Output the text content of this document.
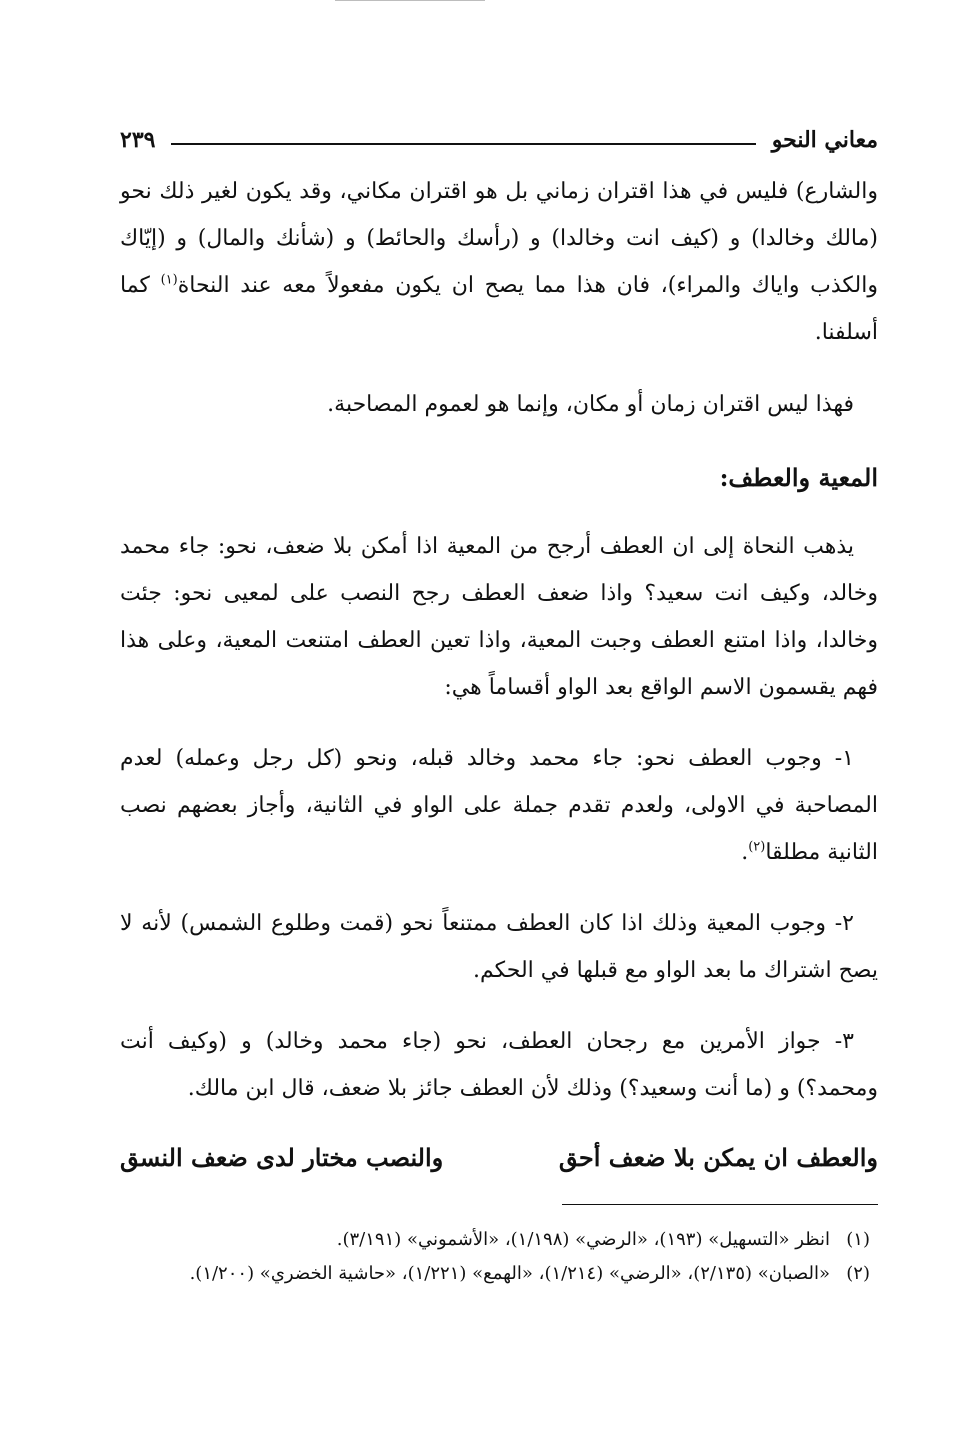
معاني النحو
٢٣٩

والشارع) فليس في هذا اقتران زماني بل هو اقتران مكاني، وقد يكون لغير ذلك نحو (مالك وخالدا) و (كيف انت وخالدا) و (رأسك والحائط) و (شأنك والمال) و (إيّاك والكذب واياك والمراء)، فان هذا مما يصح ان يكون مفعولاً معه عند النحاة$^{(١)}$ كما أسلفنا.

فهذا ليس اقتران زمان أو مكان، وإنما هو لعموم المصاحبة.

المعية والعطف:

يذهب النحاة إلى ان العطف أرجح من المعية اذا أمكن بلا ضعف، نحو: جاء محمد وخالد، وكيف انت سعيد؟ واذا ضعف العطف رجح النصب على لمعيى نحو: جئت وخالدا، واذا امتنع العطف وجبت المعية، واذا تعين العطف امتنعت المعية، وعلى هذا فهم يقسمون الاسم الواقع بعد الواو أقساماً هي:

١- وجوب العطف نحو: جاء محمد وخالد قبله، ونحو (كل رجل وعمله) لعدم المصاحبة في الاولى، ولعدم تقدم جملة على الواو في الثانية، وأجاز بعضهم نصب الثانية مطلقا$^{(٢)}$.

٢- وجوب المعية وذلك اذا كان العطف ممتنعاً نحو (قمت وطلوع الشمس) لأنه لا يصح اشتراك ما بعد الواو مع قبلها في الحكم.

٣- جواز الأمرين مع رجحان العطف، نحو (جاء محمد وخالد) و (وكيف أنت ومحمد؟) و (ما أنت وسعيد؟) وذلك لأن العطف جائز بلا ضعف، قال ابن مالك.

والعطف ان يمكن بلا ضعف أحق
والنصب مختار لدى ضعف النسق
(١)
انظر «التسهيل» (١٩٣)، «الرضي» (١/١٩٨)، «الأشموني» (٣/١٩١).
(٢)
«الصبان» (٢/١٣٥)، «الرضي» (١/٢١٤)، «الهمع» (١/٢٢١)، «حاشية الخضري» (١/٢٠٠).
